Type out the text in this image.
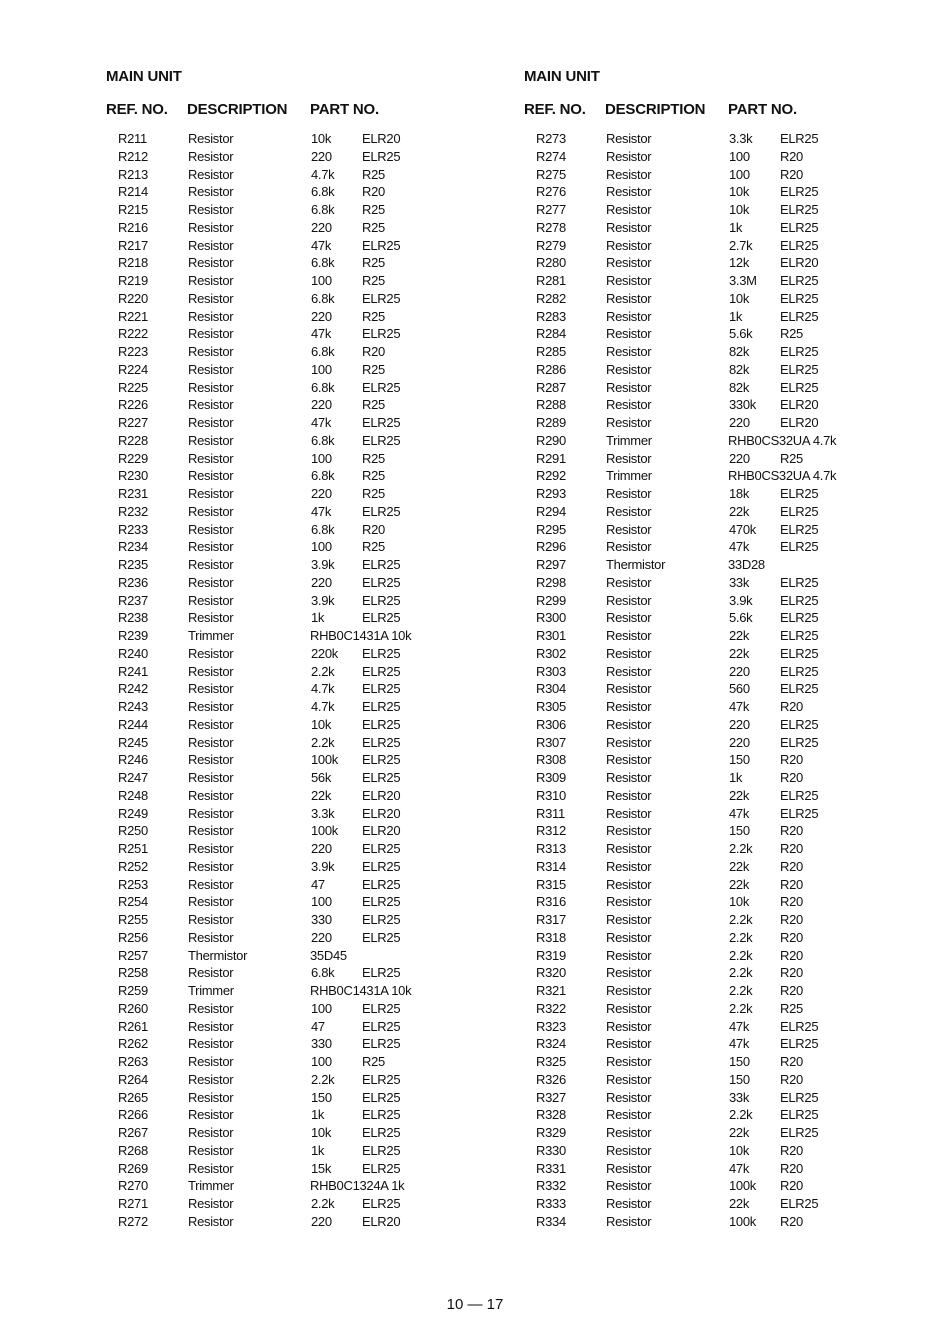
MAIN UNIT
REF. NO.	DESCRIPTION	PART NO.
R211	Resistor	10k	ELR20
R212	Resistor	220	ELR25
R213	Resistor	4.7k	R25
R214	Resistor	6.8k	R20
R215	Resistor	6.8k	R25
R216	Resistor	220	R25
R217	Resistor	47k	ELR25
R218	Resistor	6.8k	R25
R219	Resistor	100	R25
R220	Resistor	6.8k	ELR25
R221	Resistor	220	R25
R222	Resistor	47k	ELR25
R223	Resistor	6.8k	R20
R224	Resistor	100	R25
R225	Resistor	6.8k	ELR25
R226	Resistor	220	R25
R227	Resistor	47k	ELR25
R228	Resistor	6.8k	ELR25
R229	Resistor	100	R25
R230	Resistor	6.8k	R25
R231	Resistor	220	R25
R232	Resistor	47k	ELR25
R233	Resistor	6.8k	R20
R234	Resistor	100	R25
R235	Resistor	3.9k	ELR25
R236	Resistor	220	ELR25
R237	Resistor	3.9k	ELR25
R238	Resistor	1k	ELR25
R239	Trimmer	RHB0C1431A 10k
R240	Resistor	220k	ELR25
R241	Resistor	2.2k	ELR25
R242	Resistor	4.7k	ELR25
R243	Resistor	4.7k	ELR25
R244	Resistor	10k	ELR25
R245	Resistor	2.2k	ELR25
R246	Resistor	100k	ELR25
R247	Resistor	56k	ELR25
R248	Resistor	22k	ELR20
R249	Resistor	3.3k	ELR20
R250	Resistor	100k	ELR20
R251	Resistor	220	ELR25
R252	Resistor	3.9k	ELR25
R253	Resistor	47	ELR25
R254	Resistor	100	ELR25
R255	Resistor	330	ELR25
R256	Resistor	220	ELR25
R257	Thermistor	35D45
R258	Resistor	6.8k	ELR25
R259	Trimmer	RHB0C1431A 10k
R260	Resistor	100	ELR25
R261	Resistor	47	ELR25
R262	Resistor	330	ELR25
R263	Resistor	100	R25
R264	Resistor	2.2k	ELR25
R265	Resistor	150	ELR25
R266	Resistor	1k	ELR25
R267	Resistor	10k	ELR25
R268	Resistor	1k	ELR25
R269	Resistor	15k	ELR25
R270	Trimmer	RHB0C1324A 1k
R271	Resistor	2.2k	ELR25
R272	Resistor	220	ELR20
MAIN UNIT
REF. NO.	DESCRIPTION	PART NO.
R273	Resistor	3.3k	ELR25
R274	Resistor	100	R20
R275	Resistor	100	R20
R276	Resistor	10k	ELR25
R277	Resistor	10k	ELR25
R278	Resistor	1k	ELR25
R279	Resistor	2.7k	ELR25
R280	Resistor	12k	ELR20
R281	Resistor	3.3M	ELR25
R282	Resistor	10k	ELR25
R283	Resistor	1k	ELR25
R284	Resistor	5.6k	R25
R285	Resistor	82k	ELR25
R286	Resistor	82k	ELR25
R287	Resistor	82k	ELR25
R288	Resistor	330k	ELR20
R289	Resistor	220	ELR20
R290	Trimmer	RHB0CS32UA 4.7k
R291	Resistor	220	R25
R292	Trimmer	RHB0CS32UA 4.7k
R293	Resistor	18k	ELR25
R294	Resistor	22k	ELR25
R295	Resistor	470k	ELR25
R296	Resistor	47k	ELR25
R297	Thermistor	33D28
R298	Resistor	33k	ELR25
R299	Resistor	3.9k	ELR25
R300	Resistor	5.6k	ELR25
R301	Resistor	22k	ELR25
R302	Resistor	22k	ELR25
R303	Resistor	220	ELR25
R304	Resistor	560	ELR25
R305	Resistor	47k	R20
R306	Resistor	220	ELR25
R307	Resistor	220	ELR25
R308	Resistor	150	R20
R309	Resistor	1k	R20
R310	Resistor	22k	ELR25
R311	Resistor	47k	ELR25
R312	Resistor	150	R20
R313	Resistor	2.2k	R20
R314	Resistor	22k	R20
R315	Resistor	22k	R20
R316	Resistor	10k	R20
R317	Resistor	2.2k	R20
R318	Resistor	2.2k	R20
R319	Resistor	2.2k	R20
R320	Resistor	2.2k	R20
R321	Resistor	2.2k	R20
R322	Resistor	2.2k	R25
R323	Resistor	47k	ELR25
R324	Resistor	47k	ELR25
R325	Resistor	150	R20
R326	Resistor	150	R20
R327	Resistor	33k	ELR25
R328	Resistor	2.2k	ELR25
R329	Resistor	22k	ELR25
R330	Resistor	10k	R20
R331	Resistor	47k	R20
R332	Resistor	100k	R20
R333	Resistor	22k	ELR25
R334	Resistor	100k	R20
10 — 17
